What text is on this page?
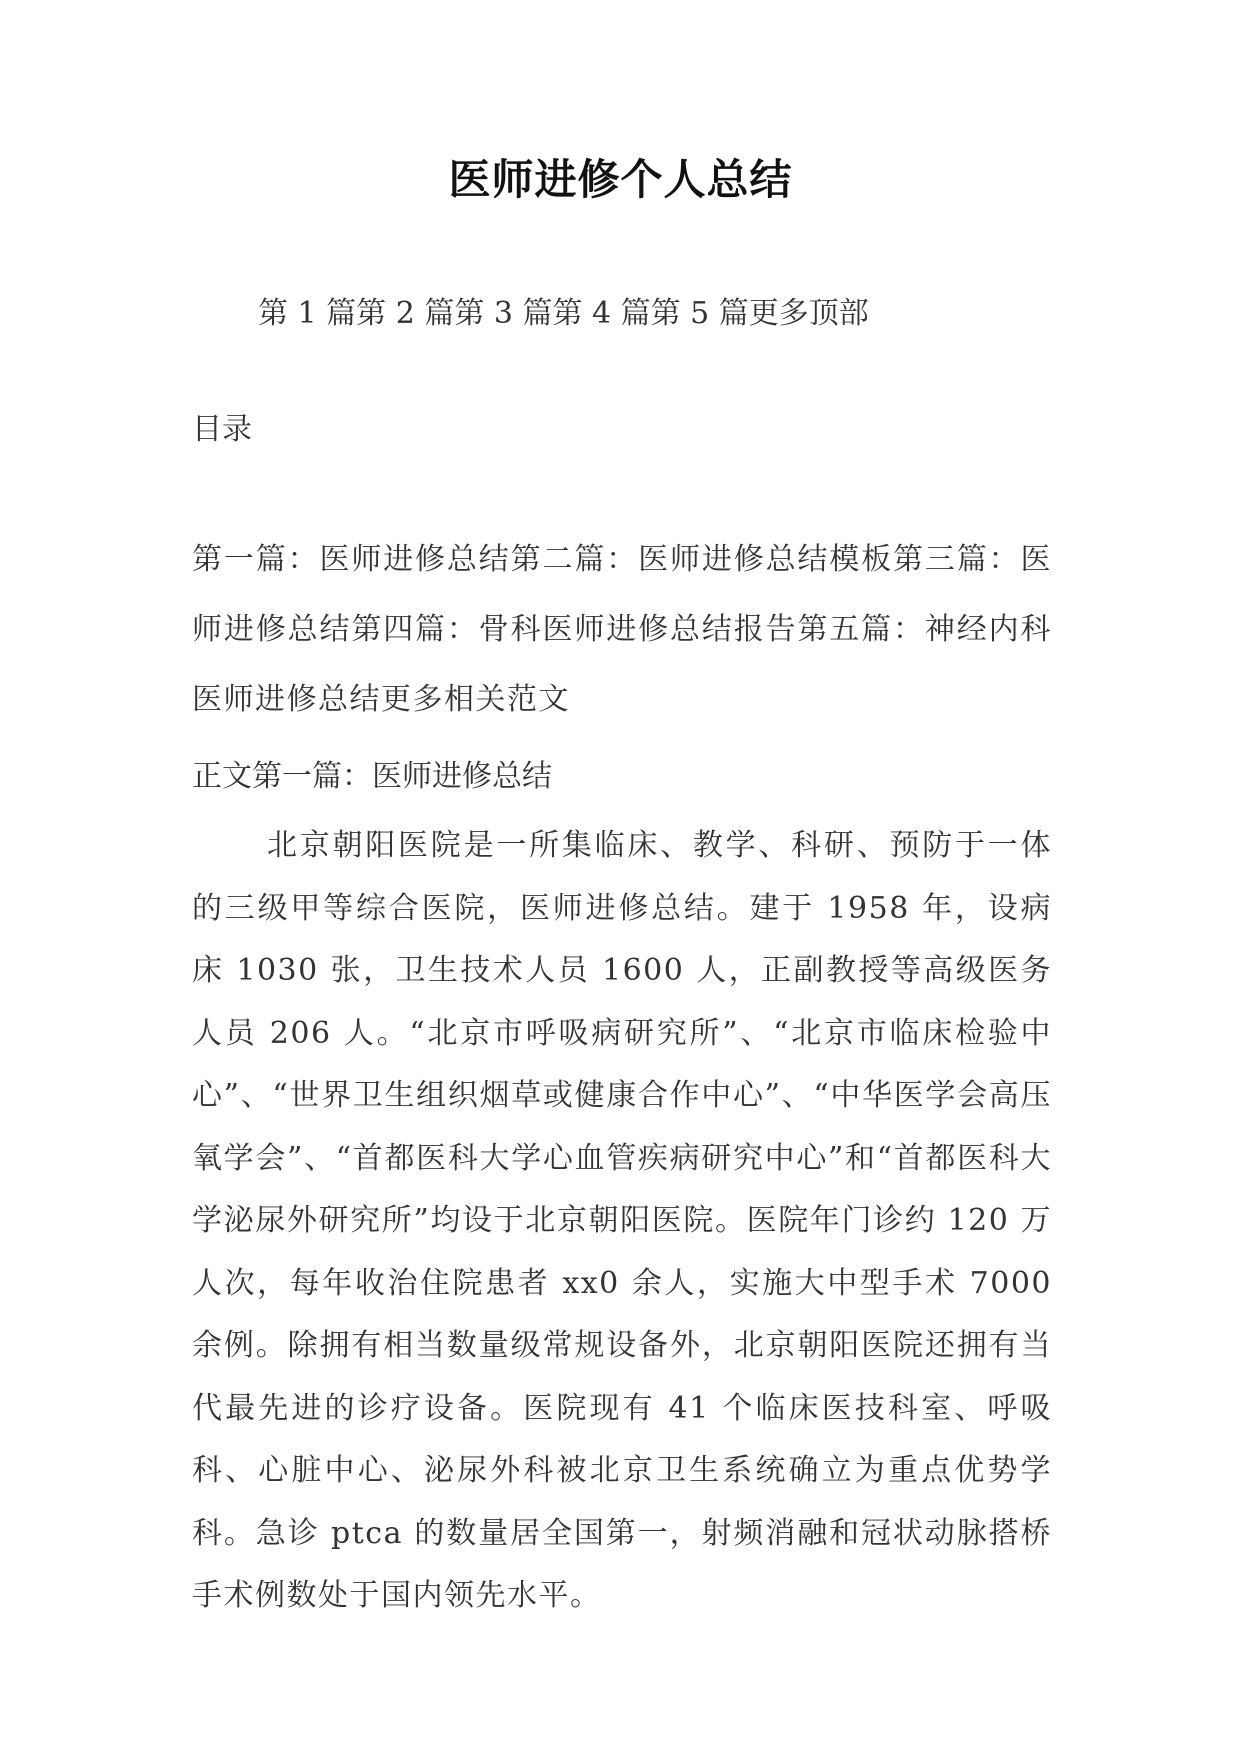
医师进修个人总结
第 1 篇第 2 篇第 3 篇第 4 篇第 5 篇更多顶部
目录
第一篇：医师进修总结第二篇：医师进修总结模板第三篇：医师进修总结第四篇：骨科医师进修总结报告第五篇：神经内科医师进修总结更多相关范文
正文第一篇：医师进修总结
北京朝阳医院是一所集临床、教学、科研、预防于一体的三级甲等综合医院，医师进修总结。建于 1958 年，设病床 1030 张，卫生技术人员 1600 人，正副教授等高级医务人员 206 人。“北京市呼吸病研究所”、“北京市临床检验中心”、“世界卫生组织烟草或健康合作中心”、“中华医学会高压氧学会”、“首都医科大学心血管疾病研究中心”和“首都医科大学泌尿外研究所”均设于北京朝阳医院。医院年门诊约 120 万人次，每年收治住院患者 xx0 余人，实施大中型手术 7000 余例。除拥有相当数量级常规设备外，北京朝阳医院还拥有当代最先进的诊疗设备。医院现有 41 个临床医技科室、呼吸科、心脏中心、泌尿外科被北京卫生系统确立为重点优势学科。急诊 ptca 的数量居全国第一，射频消融和冠状动脉搭桥手术例数处于国内领先水平。
